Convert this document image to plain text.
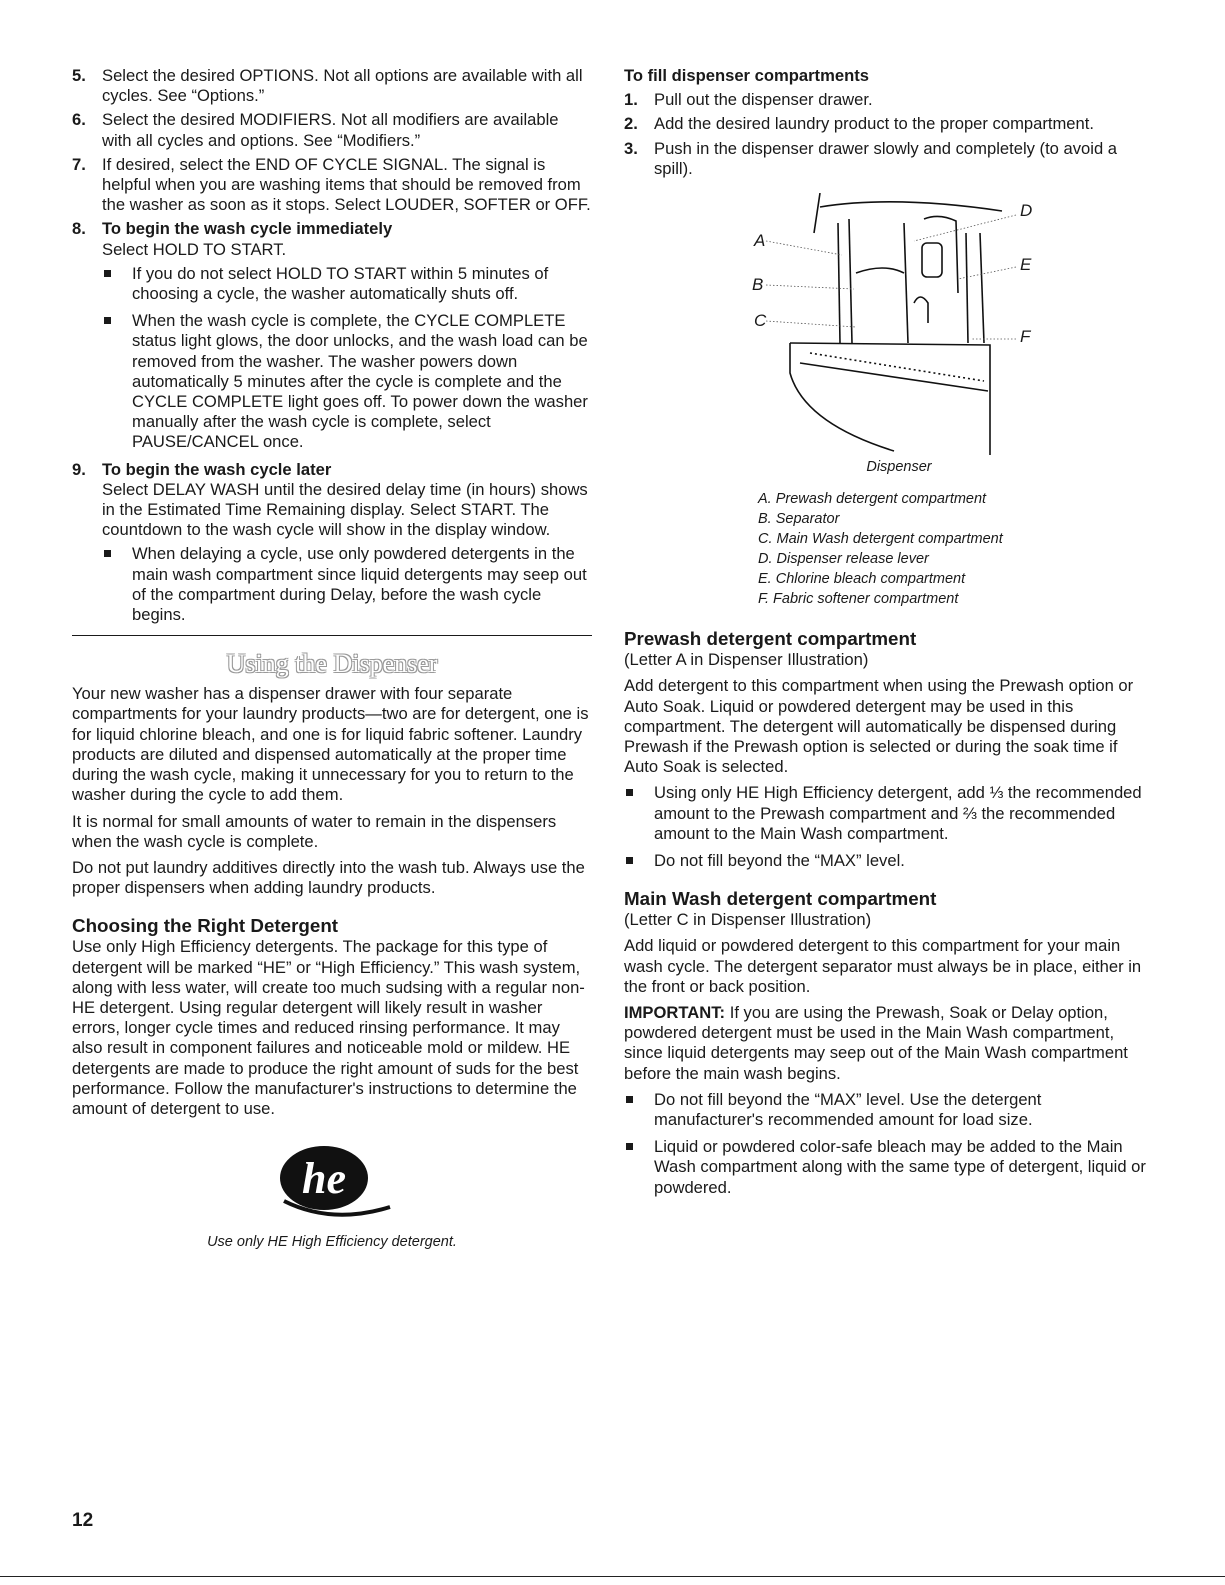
5. Select the desired OPTIONS. Not all options are available with all cycles. See “Options.”
6. Select the desired MODIFIERS. Not all modifiers are available with all cycles and options. See “Modifiers.”
7. If desired, select the END OF CYCLE SIGNAL. The signal is helpful when you are washing items that should be removed from the washer as soon as it stops. Select LOUDER, SOFTER or OFF.
8. To begin the wash cycle immediately
Select HOLD TO START.
If you do not select HOLD TO START within 5 minutes of choosing a cycle, the washer automatically shuts off.
When the wash cycle is complete, the CYCLE COMPLETE status light glows, the door unlocks, and the wash load can be removed from the washer. The washer powers down automatically 5 minutes after the cycle is complete and the CYCLE COMPLETE light goes off. To power down the washer manually after the wash cycle is complete, select PAUSE/CANCEL once.
9. To begin the wash cycle later
Select DELAY WASH until the desired delay time (in hours) shows in the Estimated Time Remaining display. Select START. The countdown to the wash cycle will show in the display window.
When delaying a cycle, use only powdered detergents in the main wash compartment since liquid detergents may seep out of the compartment during Delay, before the wash cycle begins.
Using the Dispenser

Your new washer has a dispenser drawer with four separate compartments for your laundry products—two are for detergent, one is for liquid chlorine bleach, and one is for liquid fabric softener. Laundry products are diluted and dispensed automatically at the proper time during the wash cycle, making it unnecessary for you to return to the washer during the cycle to add them.

It is normal for small amounts of water to remain in the dispensers when the wash cycle is complete.

Do not put laundry additives directly into the wash tub. Always use the proper dispensers when adding laundry products.

Choosing the Right Detergent

Use only High Efficiency detergents. The package for this type of detergent will be marked “HE” or “High Efficiency.” This wash system, along with less water, will create too much sudsing with a regular non-HE detergent. Using regular detergent will likely result in washer errors, longer cycle times and reduced rinsing performance. It may also result in component failures and noticeable mold or mildew. HE detergents are made to produce the right amount of suds for the best performance. Follow the manufacturer's instructions to determine the amount of detergent to use.

he
Use only HE High Efficiency detergent.
To fill dispenser compartments
1. Pull out the dispenser drawer.
2. Add the desired laundry product to the proper compartment.
3. Push in the dispenser drawer slowly and completely (to avoid a spill).
A
B
C
D
E
F
Dispenser
A. Prewash detergent compartment
B. Separator
C. Main Wash detergent compartment
D. Dispenser release lever
E. Chlorine bleach compartment
F. Fabric softener compartment
Prewash detergent compartment
(Letter A in Dispenser Illustration)

Add detergent to this compartment when using the Prewash option or Auto Soak. Liquid or powdered detergent may be used in this compartment. The detergent will automatically be dispensed during Prewash if the Prewash option is selected or during the soak time if Auto Soak is selected.

Using only HE High Efficiency detergent, add ⅓ the recommended amount to the Prewash compartment and ⅔ the recommended amount to the Main Wash compartment.
Do not fill beyond the “MAX” level.
Main Wash detergent compartment
(Letter C in Dispenser Illustration)

Add liquid or powdered detergent to this compartment for your main wash cycle. The detergent separator must always be in place, either in the front or back position.

IMPORTANT: If you are using the Prewash, Soak or Delay option, powdered detergent must be used in the Main Wash compartment, since liquid detergents may seep out of the Main Wash compartment before the main wash begins.

Do not fill beyond the “MAX” level. Use the detergent manufacturer's recommended amount for load size.
Liquid or powdered color-safe bleach may be added to the Main Wash compartment along with the same type of detergent, liquid or powdered.
12
